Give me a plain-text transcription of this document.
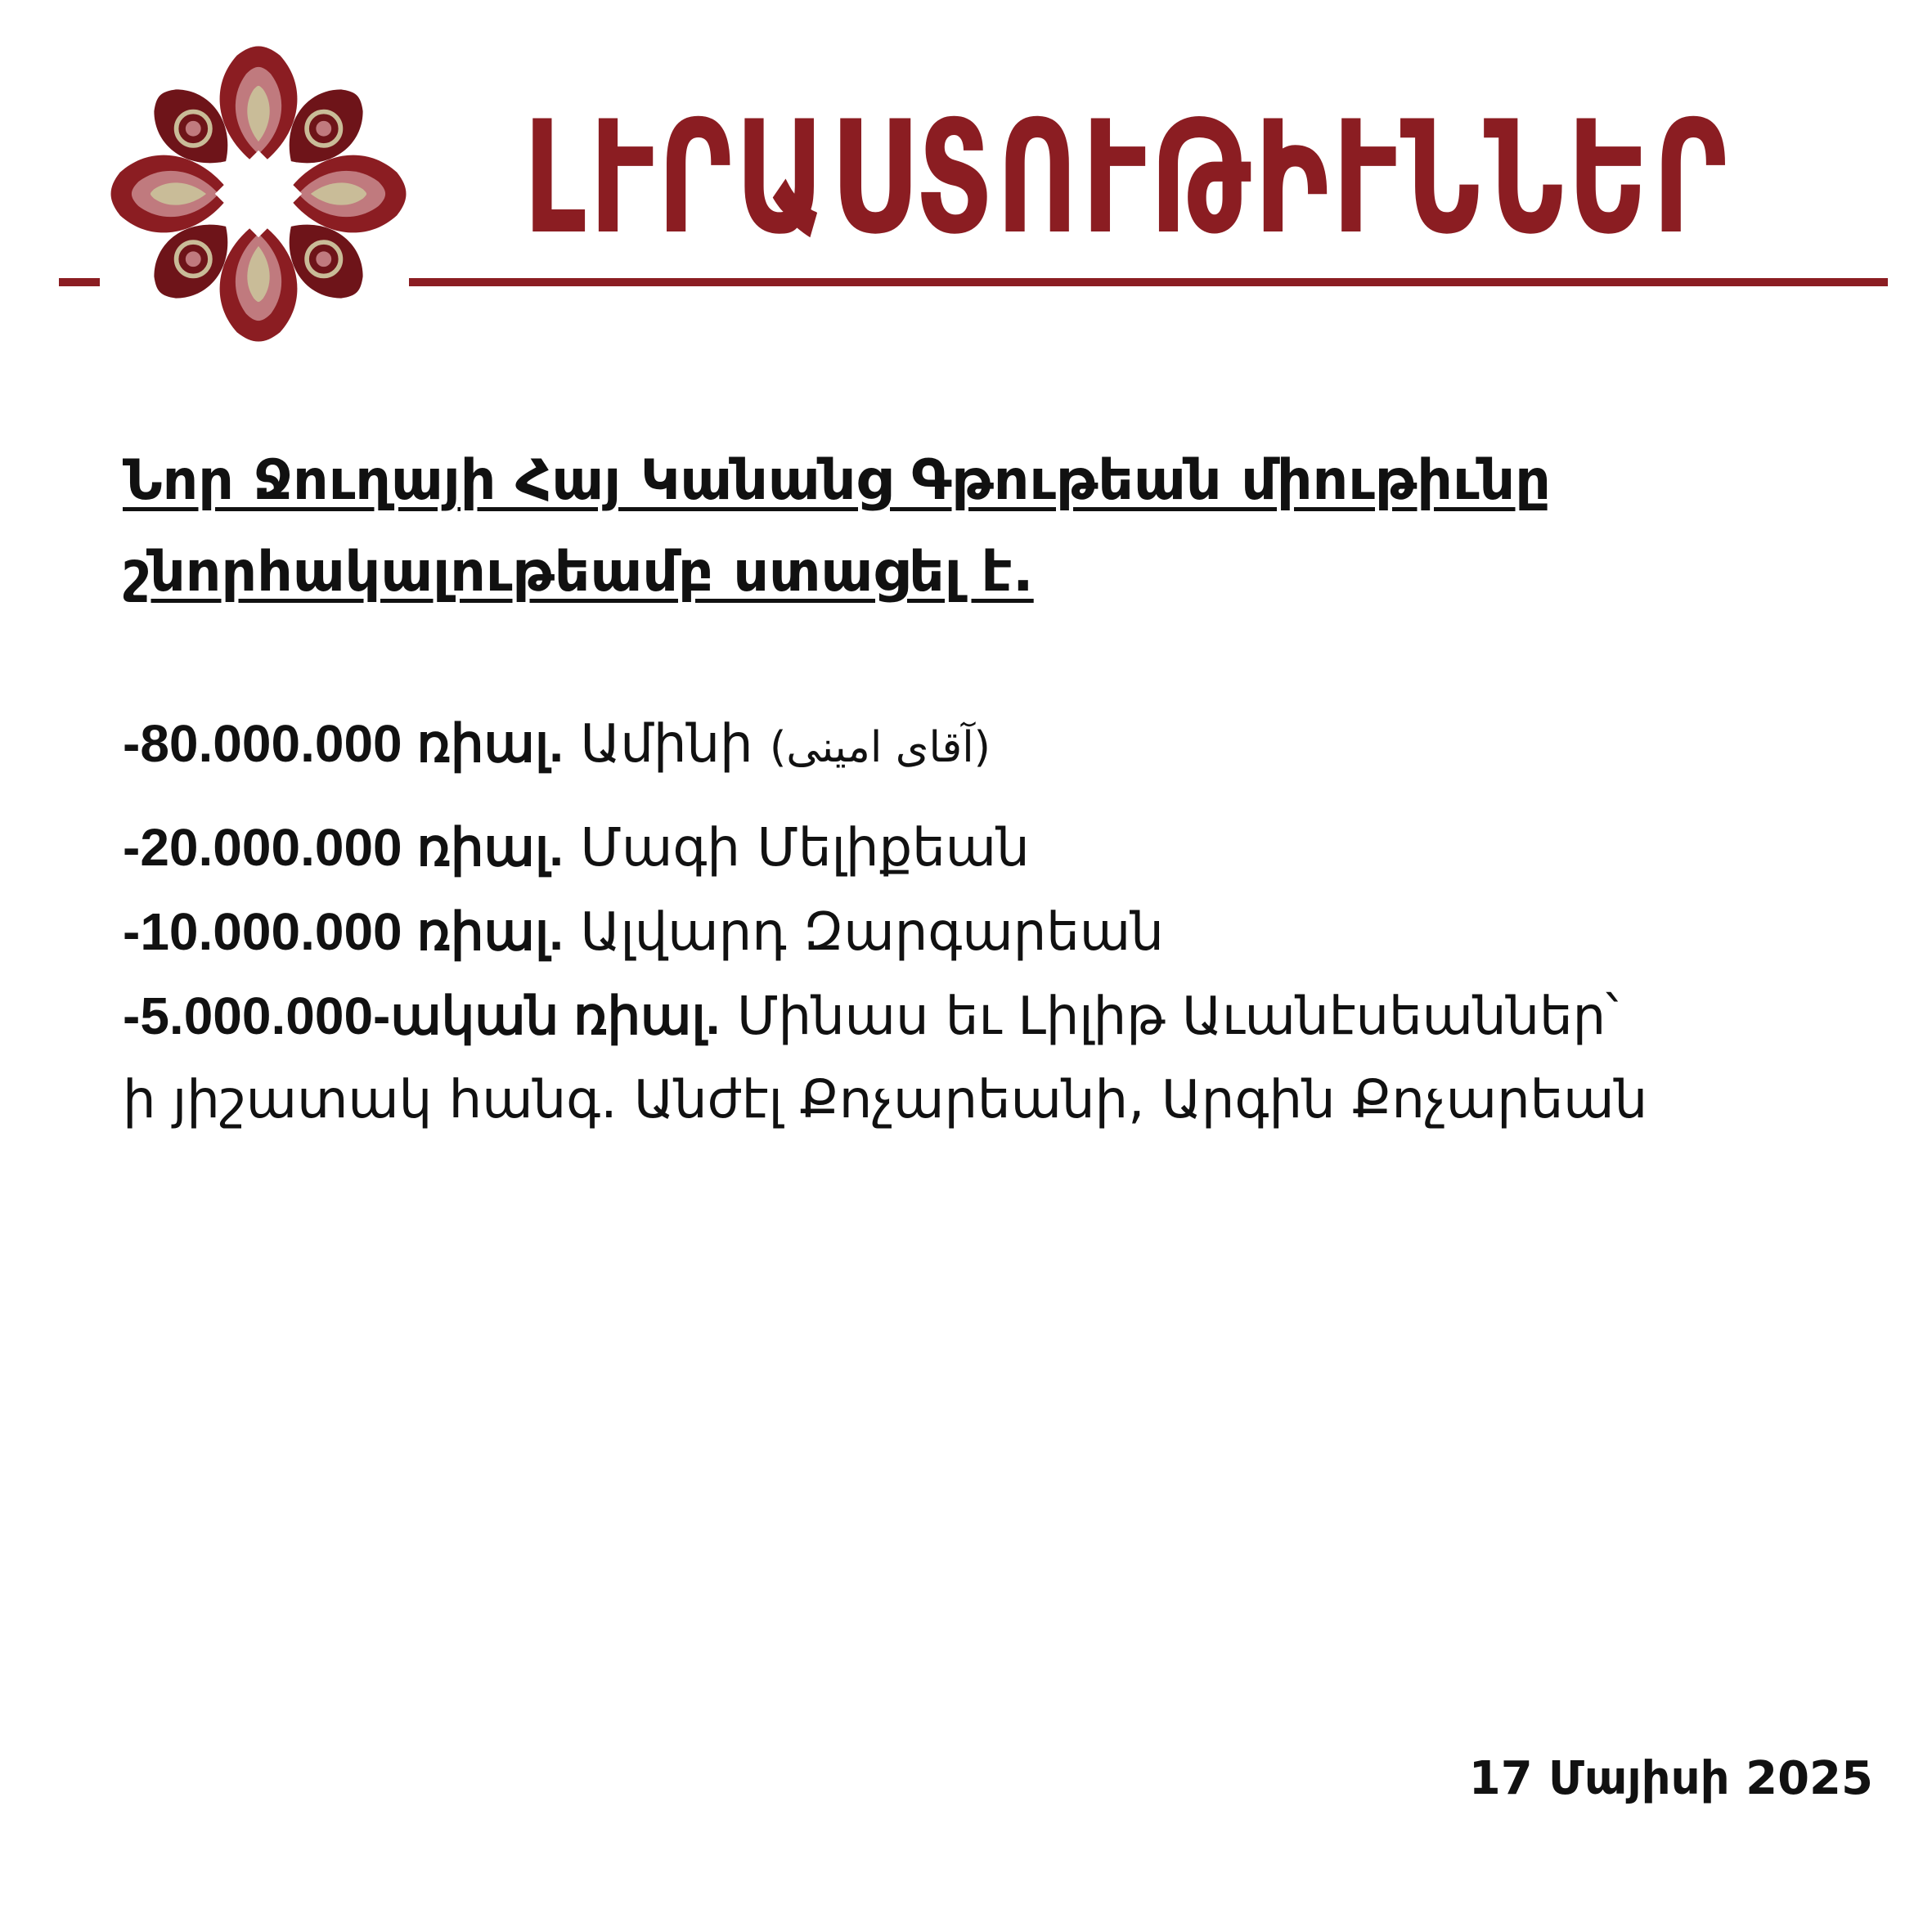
ԼՒՐԱՍՏՈՒԹԻՒՆՆԵՐ
Նոր Ջուղայի Հայ Կանանց Գթութեան միութիւնը
շնորհակալութեամբ ստացել է.
-80.000.000 ռիալ. Ամինի (آقای امینی)
-20.000.000 ռիալ. Մագի Մելիքեան
-10.000.000 ռիալ. Ալվարդ Զարգարեան
-5.000.000-ական ռիալ. Մինաս եւ Լիլիթ Աւանէսեաններ՝
ի յիշատակ հանգ. Անժէլ Քոչարեանի, Արգին Քոչարեան
17 Մայիսի 2025
